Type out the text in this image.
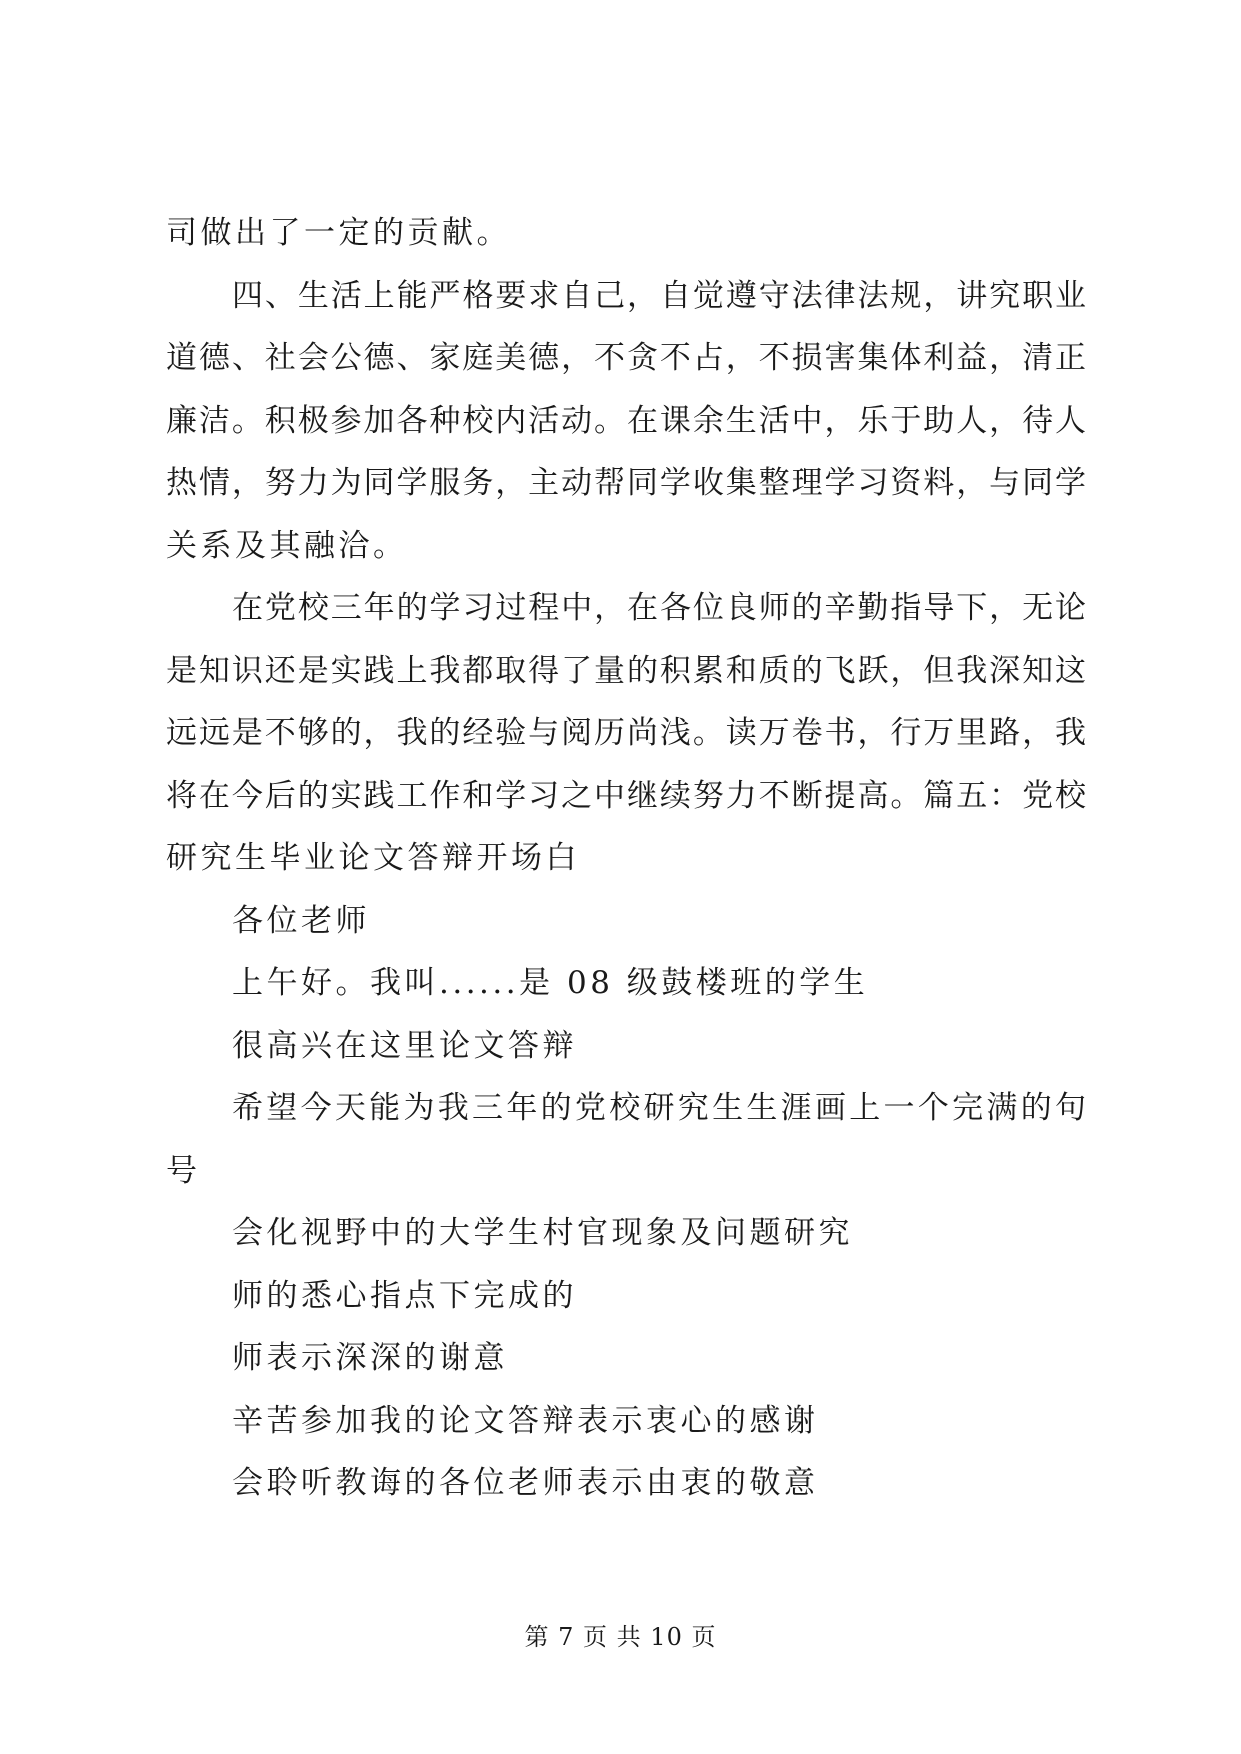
司做出了一定的贡献。
四、生活上能严格要求自己，自觉遵守法律法规，讲究职业
道德、社会公德、家庭美德，不贪不占，不损害集体利益，清正
廉洁。积极参加各种校内活动。在课余生活中，乐于助人，待人
热情，努力为同学服务，主动帮同学收集整理学习资料，与同学
关系及其融洽。
在党校三年的学习过程中，在各位良师的辛勤指导下，无论
是知识还是实践上我都取得了量的积累和质的飞跃，但我深知这
远远是不够的，我的经验与阅历尚浅。读万卷书，行万里路，我
将在今后的实践工作和学习之中继续努力不断提高。篇五：党校
研究生毕业论文答辩开场白
各位老师
上午好。我叫......是 08 级鼓楼班的学生
很高兴在这里论文答辩
希望今天能为我三年的党校研究生生涯画上一个完满的句
号
会化视野中的大学生村官现象及问题研究
师的悉心指点下完成的
师表示深深的谢意
辛苦参加我的论文答辩表示衷心的感谢
会聆听教诲的各位老师表示由衷的敬意
第 7 页 共 10 页
